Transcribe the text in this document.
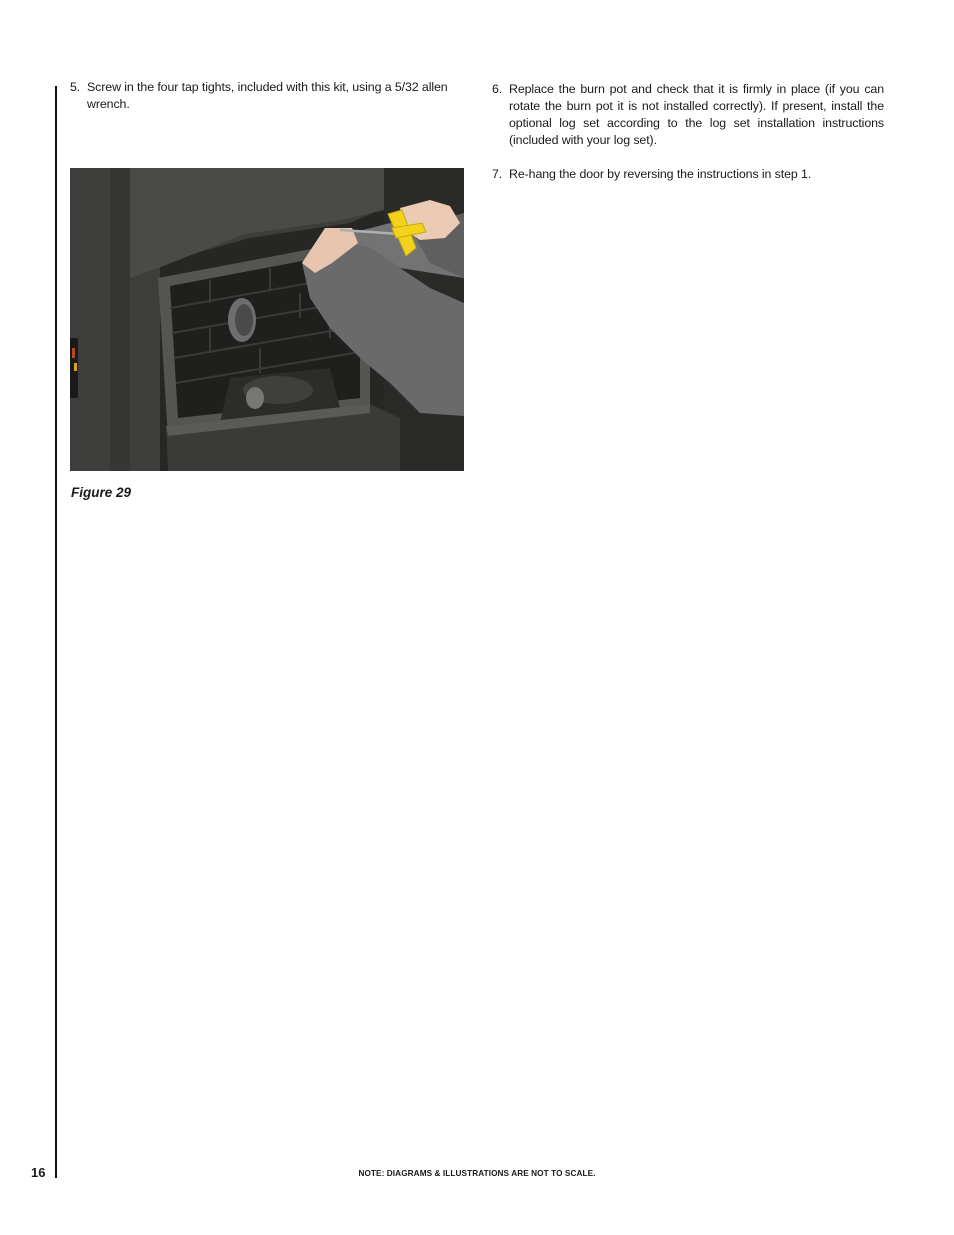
5. Screw in the four tap tights, included with this kit, using a 5/32 allen wrench.
Figure 29
6. Replace the burn pot and check that it is firmly in place (if you can rotate the burn pot it is not installed correctly). If present, install the optional log set according to the log set installation instructions (included with your log set).
7. Re-hang the door by reversing the instructions in step 1.
16	NOTE: DIAGRAMS & ILLUSTRATIONS ARE NOT TO SCALE.
